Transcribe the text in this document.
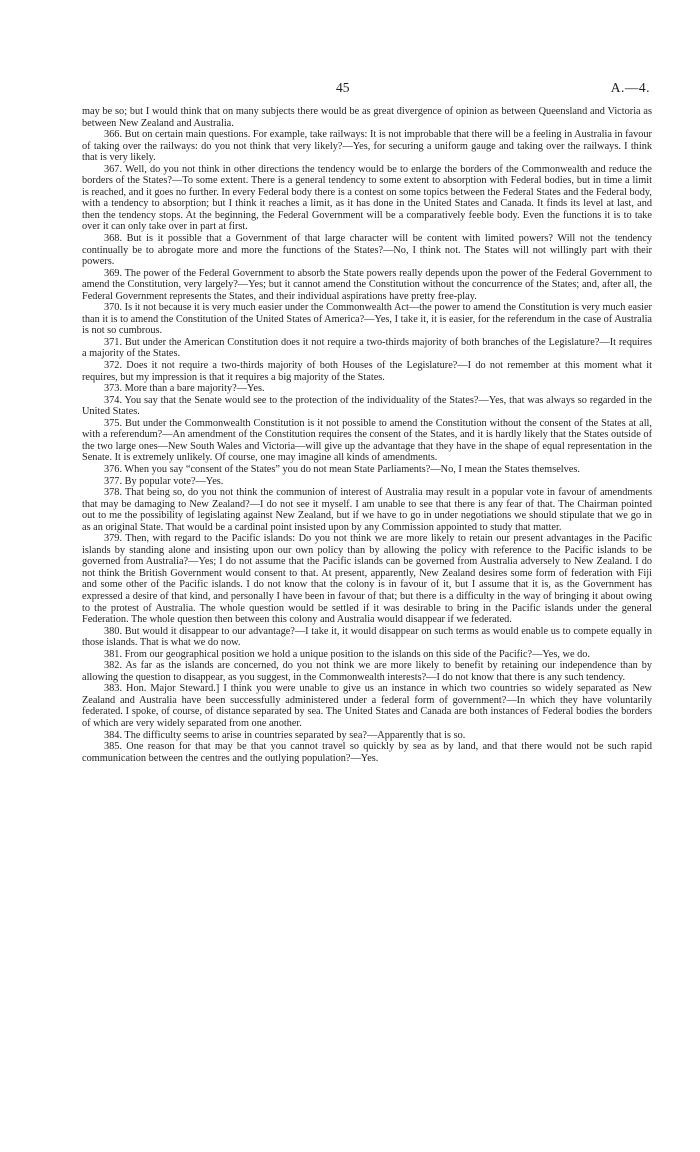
45	A.—4.

may be so; but I would think that on many subjects there would be as great divergence of opinion as between Queensland and Victoria as between New Zealand and Australia.

366. But on certain main questions. For example, take railways: It is not improbable that there will be a feeling in Australia in favour of taking over the railways: do you not think that very likely?—Yes, for securing a uniform gauge and taking over the railways. I think that is very likely.

367. Well, do you not think in other directions the tendency would be to enlarge the borders of the Commonwealth and reduce the borders of the States?—To some extent. There is a general tendency to some extent to absorption with Federal bodies, but in time a limit is reached, and it goes no further. In every Federal body there is a contest on some topics between the Federal States and the Federal body, with a tendency to absorption; but I think it reaches a limit, as it has done in the United States and Canada. It finds its level at last, and then the tendency stops. At the beginning, the Federal Government will be a comparatively feeble body. Even the functions it is to take over it can only take over in part at first.

368. But is it possible that a Government of that large character will be content with limited powers? Will not the tendency continually be to abrogate more and more the functions of the States?—No, I think not. The States will not willingly part with their powers.

369. The power of the Federal Government to absorb the State powers really depends upon the power of the Federal Government to amend the Constitution, very largely?—Yes; but it cannot amend the Constitution without the concurrence of the States; and, after all, the Federal Government represents the States, and their individual aspirations have pretty free-play.

370. Is it not because it is very much easier under the Commonwealth Act—the power to amend the Constitution is very much easier than it is to amend the Constitution of the United States of America?—Yes, I take it, it is easier, for the referendum in the case of Australia is not so cumbrous.

371. But under the American Constitution does it not require a two-thirds majority of both branches of the Legislature?—It requires a majority of the States.

372. Does it not require a two-thirds majority of both Houses of the Legislature?—I do not remember at this moment what it requires, but my impression is that it requires a big majority of the States.

373. More than a bare majority?—Yes.

374. You say that the Senate would see to the protection of the individuality of the States?—Yes, that was always so regarded in the United States.

375. But under the Commonwealth Constitution is it not possible to amend the Constitution without the consent of the States at all, with a referendum?—An amendment of the Constitution requires the consent of the States, and it is hardly likely that the States outside of the two large ones—New South Wales and Victoria—will give up the advantage that they have in the shape of equal representation in the Senate. It is extremely unlikely. Of course, one may imagine all kinds of amendments.

376. When you say “consent of the States” you do not mean State Parliaments?—No, I mean the States themselves.

377. By popular vote?—Yes.

378. That being so, do you not think the communion of interest of Australia may result in a popular vote in favour of amendments that may be damaging to New Zealand?—I do not see it myself. I am unable to see that there is any fear of that. The Chairman pointed out to me the possibility of legislating against New Zealand, but if we have to go in under negotiations we should stipulate that we go in as an original State. That would be a cardinal point insisted upon by any Commission appointed to study that matter.

379. Then, with regard to the Pacific islands: Do you not think we are more likely to retain our present advantages in the Pacific islands by standing alone and insisting upon our own policy than by allowing the policy with reference to the Pacific islands to be governed from Australia?—Yes; I do not assume that the Pacific islands can be governed from Australia adversely to New Zealand. I do not think the British Government would consent to that. At present, apparently, New Zealand desires some form of federation with Fiji and some other of the Pacific islands. I do not know that the colony is in favour of it, but I assume that it is, as the Government has expressed a desire of that kind, and personally I have been in favour of that; but there is a difficulty in the way of bringing it about owing to the protest of Australia. The whole question would be settled if it was desirable to bring in the Pacific islands under the general Federation. The whole question then between this colony and Australia would disappear if we federated.

380. But would it disappear to our advantage?—I take it, it would disappear on such terms as would enable us to compete equally in those islands. That is what we do now.

381. From our geographical position we hold a unique position to the islands on this side of the Pacific?—Yes, we do.

382. As far as the islands are concerned, do you not think we are more likely to benefit by retaining our independence than by allowing the question to disappear, as you suggest, in the Commonwealth interests?—I do not know that there is any such tendency.

383. Hon. Major Steward.] I think you were unable to give us an instance in which two countries so widely separated as New Zealand and Australia have been successfully administered under a federal form of government?—In which they have voluntarily federated. I spoke, of course, of distance separated by sea. The United States and Canada are both instances of Federal bodies the borders of which are very widely separated from one another.

384. The difficulty seems to arise in countries separated by sea?—Apparently that is so.

385. One reason for that may be that you cannot travel so quickly by sea as by land, and that there would not be such rapid communication between the centres and the outlying population?—Yes.
